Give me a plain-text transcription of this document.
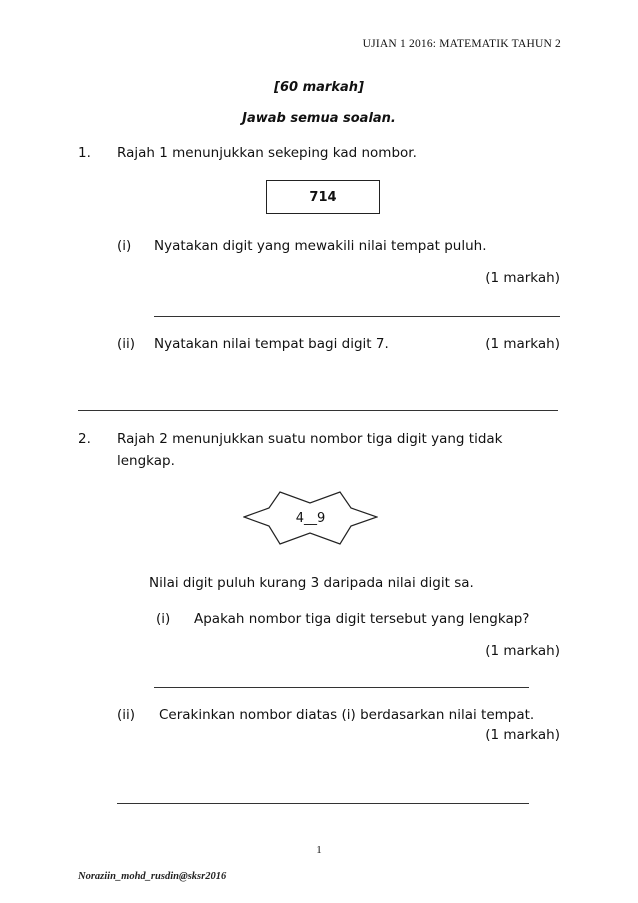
UJIAN 1 2016: MATEMATIK TAHUN 2
[60 markah]
Jawab semua soalan.
1. Rajah 1 menunjukkan sekeping kad nombor.
714
(i) Nyatakan digit yang mewakili nilai tempat puluh.
(1 markah)
(ii) Nyatakan nilai tempat bagi digit 7.	(1 markah)
2. Rajah 2 menunjukkan suatu nombor tiga digit yang tidak
lengkap.
4__9
Nilai digit puluh kurang 3 daripada nilai digit sa.
(i) Apakah nombor tiga digit tersebut yang lengkap?
(1 markah)
(ii) Cerakinkan nombor diatas (i) berdasarkan nilai tempat.
(1 markah)
1
Noraziin_mohd_rusdin@sksr2016
